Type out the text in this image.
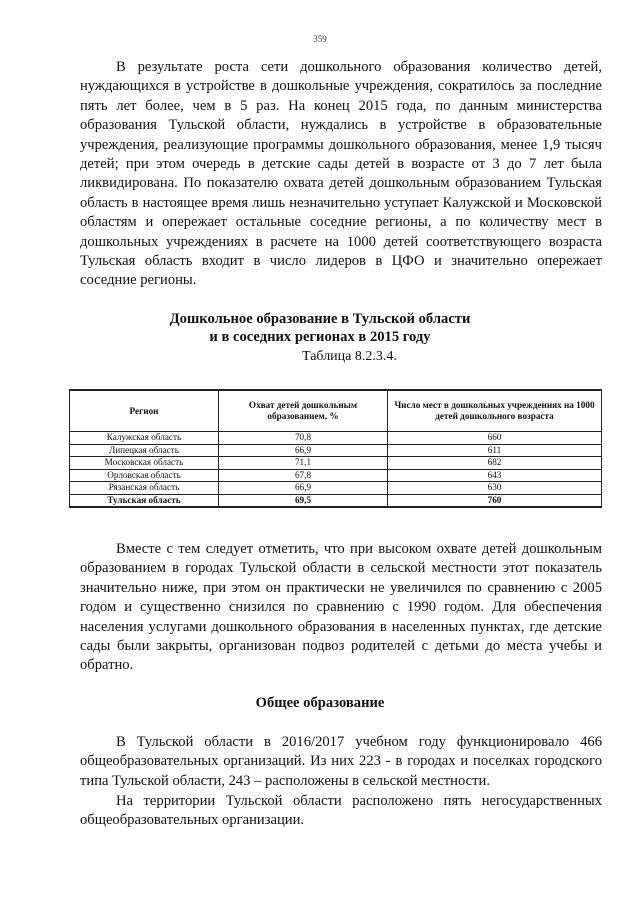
359

В результате роста сети дошкольного образования количество детей, нуждающихся в устройстве в дошкольные учреждения, сократилось за последние пять лет более, чем в 5 раз. На конец 2015 года, по данным министерства образования Тульской области, нуждались в устройстве в образовательные учреждения, реализующие программы дошкольного образования, менее 1,9 тысяч детей; при этом очередь в детские сады детей в возрасте от 3 до 7 лет была ликвидирована. По показателю охвата детей дошкольным образованием Тульская область в настоящее время лишь незначительно уступает Калужской и Московской областям и опережает остальные соседние регионы, а по количеству мест в дошкольных учреждениях в расчете на 1000 детей соответствующего возраста Тульская область входит в число лидеров в ЦФО и значительно опережает соседние регионы.

Дошкольное образование в Тульской области

и в соседних регионах в 2015 году

Таблица 8.2.3.4.

Регион	Охват детей дошкольным образованием, %	Число мест в дошкольных учреждениях на 1000 детей дошкольного возраста
Калужская область	70,8	660
Липецкая область	66,9	611
Московская область	71,1	682
Орловская область	67,8	643
Рязанская область	66,9	630
Тульская область	69,5	760

Вместе с тем следует отметить, что при высоком охвате детей дошкольным образованием в городах Тульской области в сельской местности этот показатель значительно ниже, при этом он практически не увеличился по сравнению с 2005 годом и существенно снизился по сравнению с 1990 годом. Для обеспечения населения услугами дошкольного образования в населенных пунктах, где детские сады были закрыты, организован подвоз родителей с детьми до места учебы и обратно.

Общее образование

В Тульской области в 2016/2017 учебном году функционировало 466 общеобразовательных организаций. Из них 223 - в городах и поселках городского типа Тульской области, 243 – расположены в сельской местности.

На территории Тульской области расположено пять негосударственных общеобразовательных организации.
